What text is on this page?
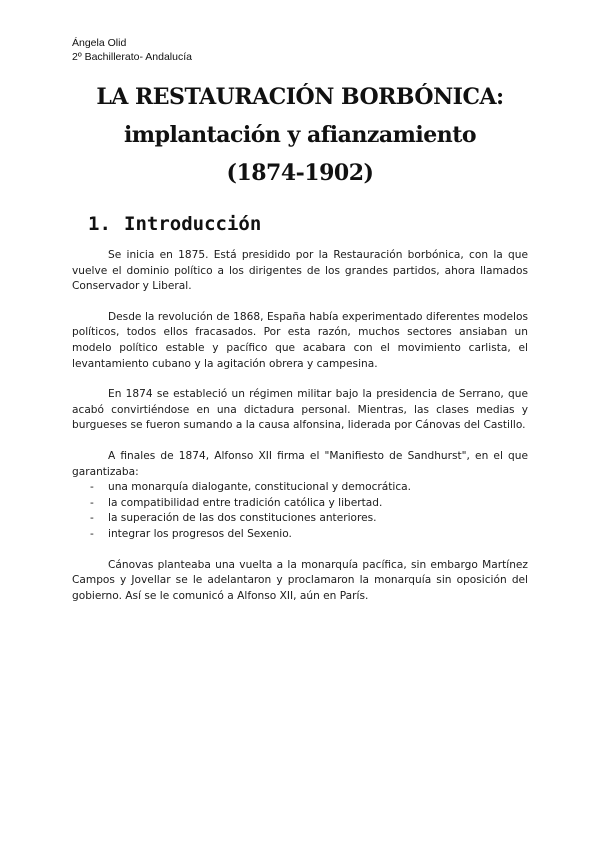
Ángela Olid
2º Bachillerato- Andalucía
LA RESTAURACIÓN BORBÓNICA:
implantación y afianzamiento
(1874-1902)
1. Introducción

Se inicia en 1875. Está presidido por la Restauración borbónica, con la que vuelve el dominio político a los dirigentes de los grandes partidos, ahora llamados Conservador y Liberal.

Desde la revolución de 1868, España había experimentado diferentes modelos políticos, todos ellos fracasados. Por esta razón, muchos sectores ansiaban un modelo político estable y pacífico que acabara con el movimiento carlista, el levantamiento cubano y la agitación obrera y campesina.

En 1874 se estableció un régimen militar bajo la presidencia de Serrano, que acabó convirtiéndose en una dictadura personal. Mientras, las clases medias y burgueses se fueron sumando a la causa alfonsina, liderada por Cánovas del Castillo.

A finales de 1874, Alfonso XII firma el "Manifiesto de Sandhurst", en el que garantizaba:

- una monarquía dialogante, constitucional y democrática.
- la compatibilidad entre tradición católica y libertad.
- la superación de las dos constituciones anteriores.
- integrar los progresos del Sexenio.

Cánovas planteaba una vuelta a la monarquía pacífica, sin embargo Martínez Campos y Jovellar se le adelantaron y proclamaron la monarquía sin oposición del gobierno. Así se le comunicó a Alfonso XII, aún en París.
